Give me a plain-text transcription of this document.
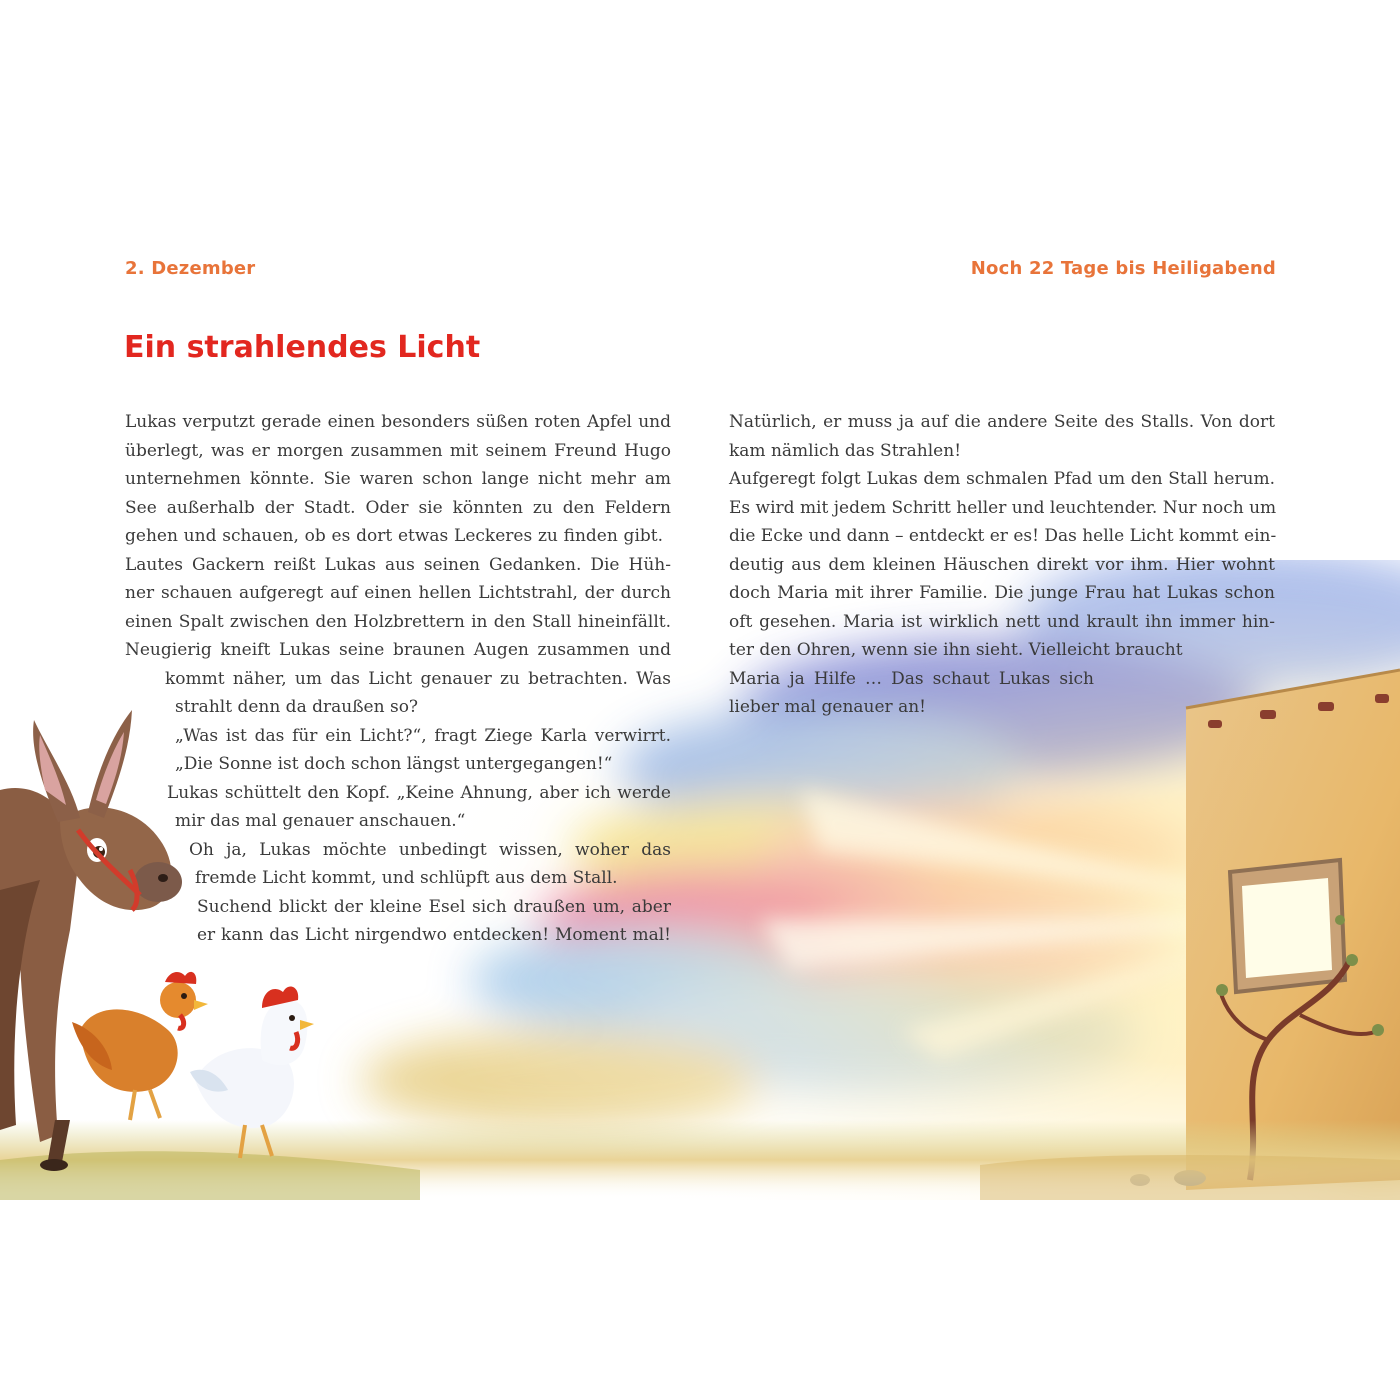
2. Dezember	Noch 22 Tage bis Heiligabend
Ein strahlendes Licht

Lukas verputzt gerade einen besonders süßen roten Apfel und
überlegt, was er morgen zusammen mit seinem Freund Hugo
unternehmen könnte. Sie waren schon lange nicht mehr am
See außerhalb der Stadt. Oder sie könnten zu den Feldern
gehen und schauen, ob es dort etwas Leckeres zu finden gibt.
Lautes Gackern reißt Lukas aus seinen Gedanken. Die Hüh-
ner schauen aufgeregt auf einen hellen Lichtstrahl, der durch
einen Spalt zwischen den Holzbrettern in den Stall hineinfällt.
Neugierig kneift Lukas seine braunen Augen zusammen und
kommt näher, um das Licht genauer zu betrachten. Was
strahlt denn da draußen so?
„Was ist das für ein Licht?“, fragt Ziege Karla verwirrt.
„Die Sonne ist doch schon längst untergegangen!“
Lukas schüttelt den Kopf. „Keine Ahnung, aber ich werde
mir das mal genauer anschauen.“
Oh ja, Lukas möchte unbedingt wissen, woher das
fremde Licht kommt, und schlüpft aus dem Stall.
Suchend blickt der kleine Esel sich draußen um, aber
er kann das Licht nirgendwo entdecken! Moment mal!

Natürlich, er muss ja auf die andere Seite des Stalls. Von dort
kam nämlich das Strahlen!
Aufgeregt folgt Lukas dem schmalen Pfad um den Stall herum.
Es wird mit jedem Schritt heller und leuchtender. Nur noch um
die Ecke und dann – entdeckt er es! Das helle Licht kommt ein-
deutig aus dem kleinen Häuschen direkt vor ihm. Hier wohnt
doch Maria mit ihrer Familie. Die junge Frau hat Lukas schon
oft gesehen. Maria ist wirklich nett und krault ihn immer hin-
ter den Ohren, wenn sie ihn sieht. Vielleicht braucht
Maria ja Hilfe … Das schaut Lukas sich
lieber mal genauer an!
